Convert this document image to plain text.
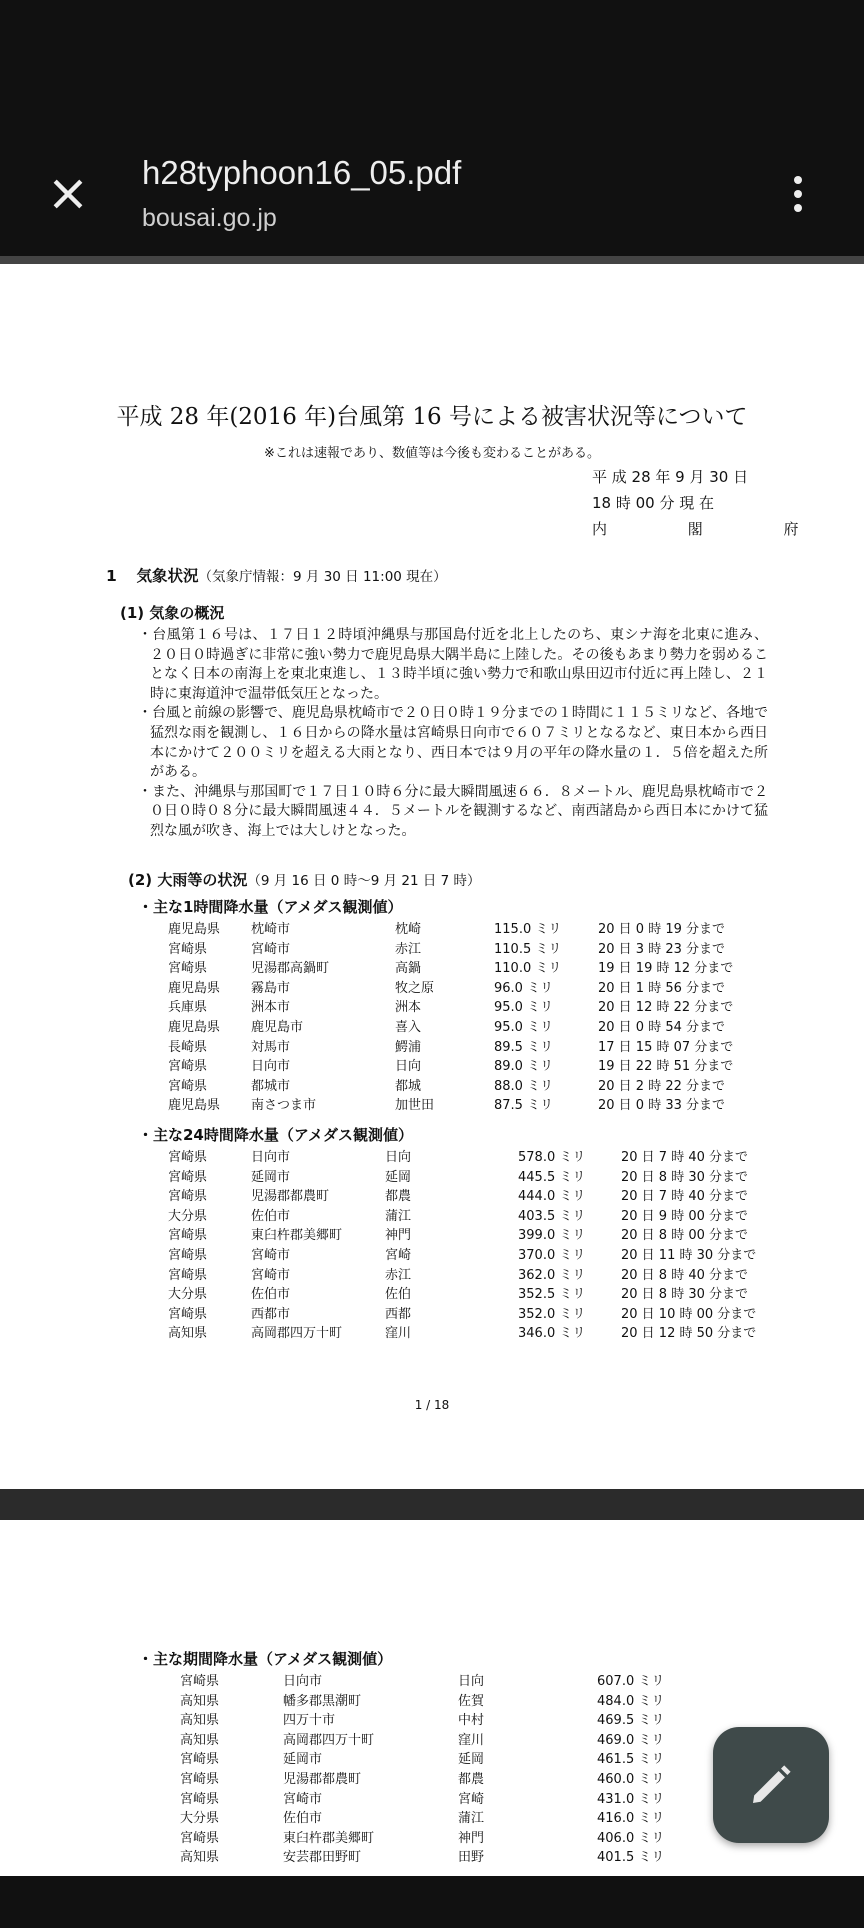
h28typhoon16_05.pdf
bousai.go.jp
平成 28 年(2016 年)台風第 16 号による被害状況等について
※これは速報であり、数値等は今後も変わることがある。
平 成 28 年 9 月 30 日
18 時 00 分 現 在
内 閣 府
1 気象状況（気象庁情報：9 月 30 日 11:00 現在）
(1) 気象の概況

・台風第１６号は、１７日１２時頃沖縄県与那国島付近を北上したのち、東シナ海を北東に進み、２０日０時過ぎに非常に強い勢力で鹿児島県大隅半島に上陸した。その後もあまり勢力を弱めることなく日本の南海上を東北東進し、１３時半頃に強い勢力で和歌山県田辺市付近に再上陸し、２１時に東海道沖で温帯低気圧となった。

・台風と前線の影響で、鹿児島県枕崎市で２０日０時１９分までの１時間に１１５ミリなど、各地で猛烈な雨を観測し、１６日からの降水量は宮崎県日向市で６０７ミリとなるなど、東日本から西日本にかけて２００ミリを超える大雨となり、西日本では９月の平年の降水量の１．５倍を超えた所がある。

・また、沖縄県与那国町で１７日１０時６分に最大瞬間風速６６．８メートル、鹿児島県枕崎市で２０日０時０８分に最大瞬間風速４４．５メートルを観測するなど、南西諸島から西日本にかけて猛烈な風が吹き、海上では大しけとなった。

(2) 大雨等の状況（9 月 16 日 0 時～9 月 21 日 7 時）
・主な1時間降水量（アメダス観測値）
鹿児島県 枕崎市	枕崎	115.0 ミリ	20 日 0 時 19 分まで
宮崎県	宮崎市	赤江	110.5 ミリ	20 日 3 時 23 分まで
宮崎県	児湯郡高鍋町	高鍋	110.0 ミリ	19 日 19 時 12 分まで
鹿児島県 霧島市	牧之原	96.0 ミリ	20 日 1 時 56 分まで
兵庫県	洲本市	洲本	95.0 ミリ	20 日 12 時 22 分まで
鹿児島県 鹿児島市	喜入	95.0 ミリ	20 日 0 時 54 分まで
長崎県	対馬市	鰐浦	89.5 ミリ	17 日 15 時 07 分まで
宮崎県	日向市	日向	89.0 ミリ	19 日 22 時 51 分まで
宮崎県	都城市	都城	88.0 ミリ	20 日 2 時 22 分まで
鹿児島県 南さつま市	加世田	87.5 ミリ	20 日 0 時 33 分まで
・主な24時間降水量（アメダス観測値）
宮崎県	日向市	日向	578.0 ミリ	20 日 7 時 40 分まで
宮崎県	延岡市	延岡	445.5 ミリ	20 日 8 時 30 分まで
宮崎県	児湯郡都農町	都農	444.0 ミリ	20 日 7 時 40 分まで
大分県	佐伯市	蒲江	403.5 ミリ	20 日 9 時 00 分まで
宮崎県	東臼杵郡美郷町	神門	399.0 ミリ	20 日 8 時 00 分まで
宮崎県	宮崎市	宮崎	370.0 ミリ	20 日 11 時 30 分まで
宮崎県	宮崎市	赤江	362.0 ミリ	20 日 8 時 40 分まで
大分県	佐伯市	佐伯	352.5 ミリ	20 日 8 時 30 分まで
宮崎県	西都市	西都	352.0 ミリ	20 日 10 時 00 分まで
高知県	高岡郡四万十町	窪川	346.0 ミリ	20 日 12 時 50 分まで
1 / 18
・主な期間降水量（アメダス観測値）
宮崎県	日向市	日向	607.0 ミリ
高知県	幡多郡黒潮町	佐賀	484.0 ミリ
高知県	四万十市	中村	469.5 ミリ
高知県	高岡郡四万十町	窪川	469.0 ミリ
宮崎県	延岡市	延岡	461.5 ミリ
宮崎県	児湯郡都農町	都農	460.0 ミリ
宮崎県	宮崎市	宮崎	431.0 ミリ
大分県	佐伯市	蒲江	416.0 ミリ
宮崎県	東臼杵郡美郷町	神門	406.0 ミリ
高知県	安芸郡田野町	田野	401.5 ミリ
